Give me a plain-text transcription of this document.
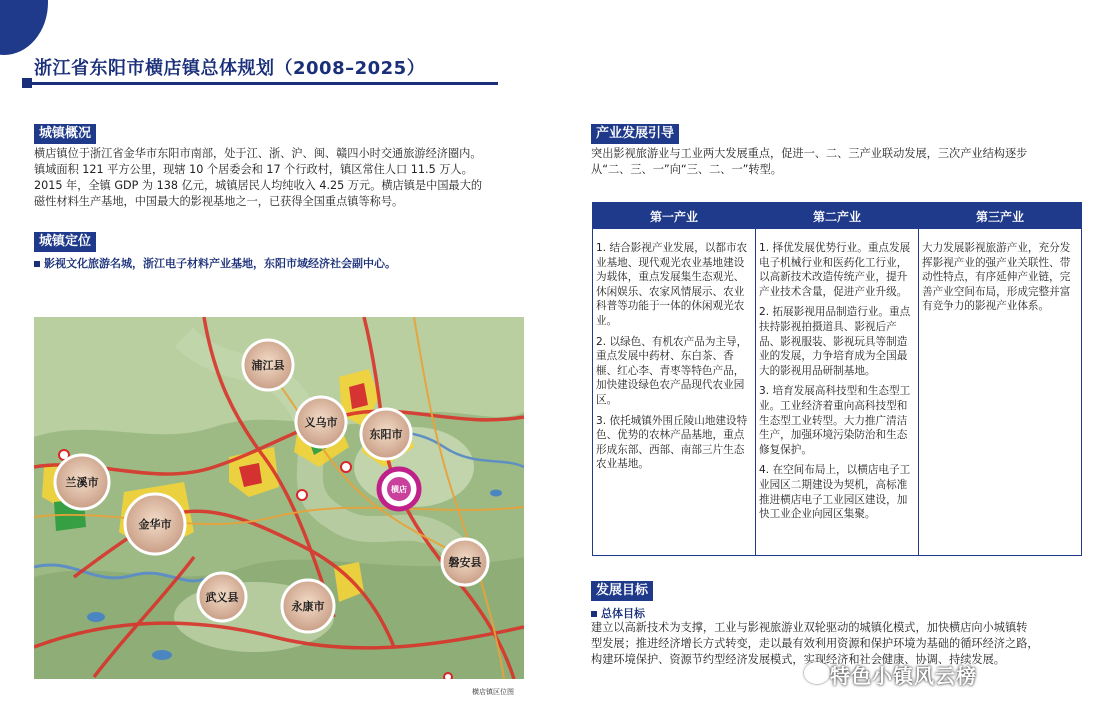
浙江省东阳市横店镇总体规划（2008–2025）
城镇概况
横店镇位于浙江省金华市东阳市南部，处于江、浙、沪、闽、赣四小时交通旅游经济圈内。
镇域面积 121 平方公里，现辖 10 个居委会和 17 个行政村，镇区常住人口 11.5 万人。
2015 年，全镇 GDP 为 138 亿元，城镇居民人均纯收入 4.25 万元。横店镇是中国最大的
磁性材料生产基地，中国最大的影视基地之一，已获得全国重点镇等称号。
城镇定位
影视文化旅游名城，浙江电子材料产业基地，东阳市域经济社会副中心。
浦江县
义乌市
东阳市
兰溪市
金华市
磐安县
武义县
永康市
横店
横店镇区位图
产业发展引导
突出影视旅游业与工业两大发展重点，促进一、二、三产业联动发展，三次产业结构逐步
从“二、三、一”向“三、二、一”转型。
第一产业

1. 结合影视产业发展，以都市农业基地、现代观光农业基地建设为载体，重点发展集生态观光、休闲娱乐、农家风情展示、农业科普等功能于一体的休闲观光农业。

2. 以绿色、有机农产品为主导，重点发展中药材、东白茶、香榧、红心李、青枣等特色产品，加快建设绿色农产品现代农业园区。

3. 依托城镇外围丘陵山地建设特色、优势的农林产品基地，重点形成东部、西部、南部三片生态农业基地。

第二产业

1. 择优发展优势行业。重点发展电子机械行业和医药化工行业，以高新技术改造传统产业，提升产业技术含量，促进产业升级。

2. 拓展影视用品制造行业。重点扶持影视拍摄道具、影视后产品、影视服装、影视玩具等制造业的发展，力争培育成为全国最大的影视用品研制基地。

3. 培育发展高科技型和生态型工业。工业经济着重向高科技型和生态型工业转型。大力推广清洁生产，加强环境污染防治和生态修复保护。

4. 在空间布局上，以横店电子工业园区二期建设为契机，高标准推进横店电子工业园区建设，加快工业企业向园区集聚。

第三产业

大力发展影视旅游产业，充分发挥影视产业的强产业关联性、带动性特点，有序延伸产业链，完善产业空间布局，形成完整并富有竞争力的影视产业体系。

发展目标
总体目标
建立以高新技术为支撑，工业与影视旅游业双轮驱动的城镇化模式，加快横店向小城镇转
型发展；推进经济增长方式转变，走以最有效利用资源和保护环境为基础的循环经济之路，
构建环境保护、资源节约型经济发展模式，实现经济和社会健康、协调、持续发展。
特色小镇风云榜
